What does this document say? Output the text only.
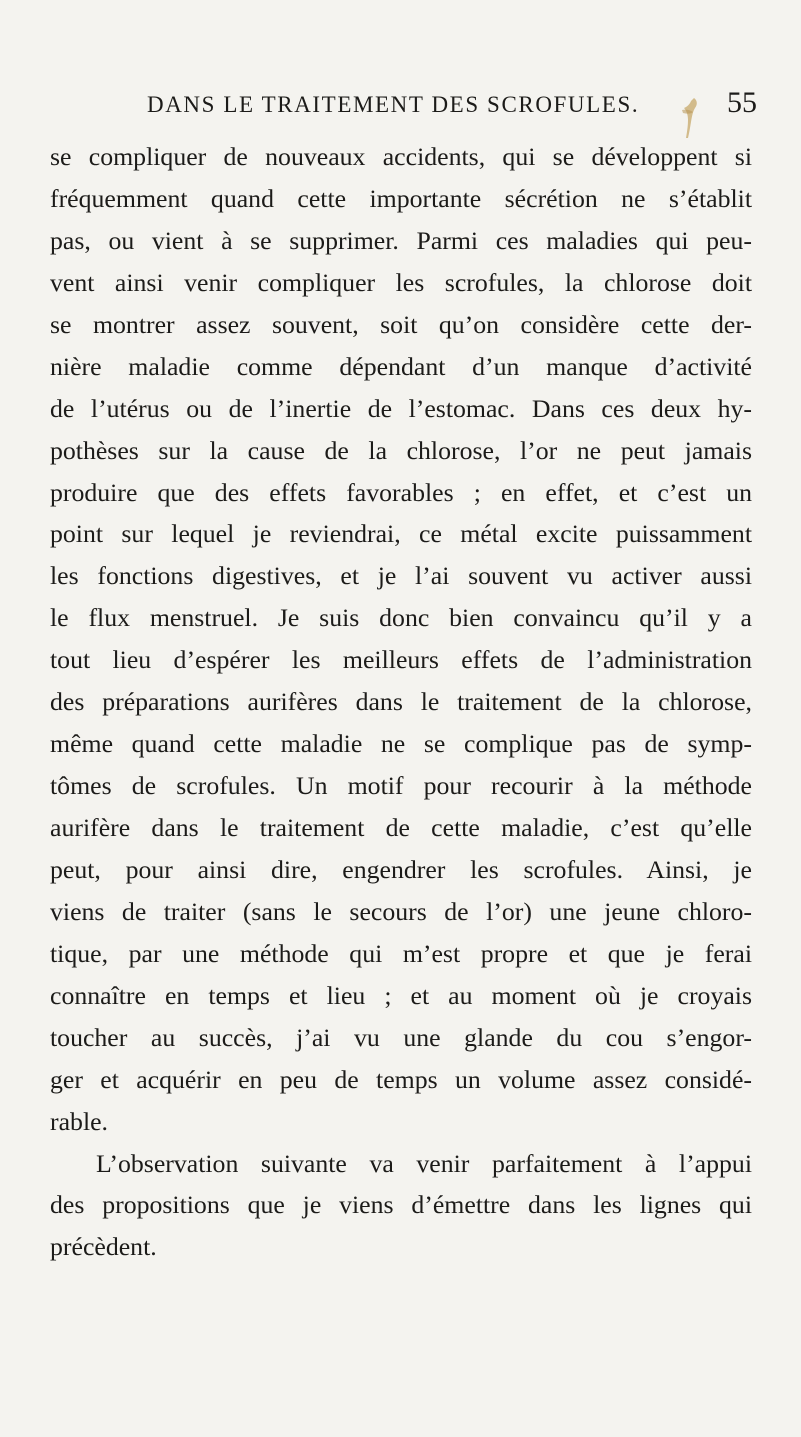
DANS LE TRAITEMENT DES SCROFULES.	55
se compliquer de nouveaux accidents, qui se développent si
fréquemment quand cette importante sécrétion ne s’établit
pas, ou vient à se supprimer. Parmi ces maladies qui peu-
vent ainsi venir compliquer les scrofules, la chlorose doit
se montrer assez souvent, soit qu’on considère cette der-
nière maladie comme dépendant d’un manque d’activité
de l’utérus ou de l’inertie de l’estomac. Dans ces deux hy-
pothèses sur la cause de la chlorose, l’or ne peut jamais
produire que des effets favorables ; en effet, et c’est un
point sur lequel je reviendrai, ce métal excite puissamment
les fonctions digestives, et je l’ai souvent vu activer aussi
le flux menstruel. Je suis donc bien convaincu qu’il y a
tout lieu d’espérer les meilleurs effets de l’administration
des préparations aurifères dans le traitement de la chlorose,
même quand cette maladie ne se complique pas de symp-
tômes de scrofules. Un motif pour recourir à la méthode
aurifère dans le traitement de cette maladie, c’est qu’elle
peut, pour ainsi dire, engendrer les scrofules. Ainsi, je
viens de traiter (sans le secours de l’or) une jeune chloro-
tique, par une méthode qui m’est propre et que je ferai
connaître en temps et lieu ; et au moment où je croyais
toucher au succès, j’ai vu une glande du cou s’engor-
ger et acquérir en peu de temps un volume assez considé-
rable.
L’observation suivante va venir parfaitement à l’appui
des propositions que je viens d’émettre dans les lignes qui
précèdent.
